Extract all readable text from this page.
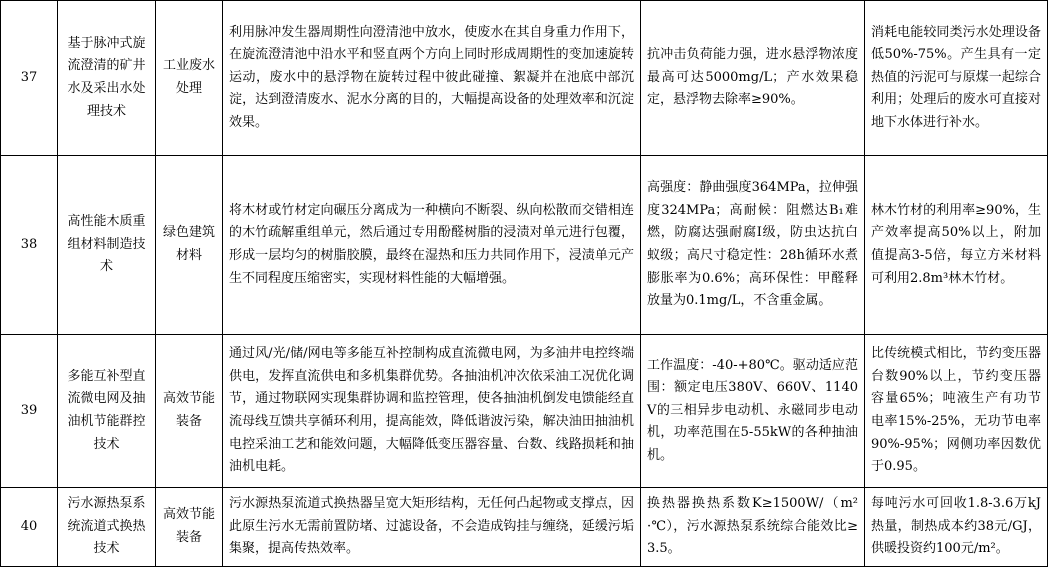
37	基于脉冲式旋流澄清的矿井水及采出水处理技术	工业废水处理	利用脉冲发生器周期性向澄清池中放水，使废水在其自身重力作用下，在旋流澄清池中沿水平和竖直两个方向上同时形成周期性的变加速旋转运动，废水中的悬浮物在旋转过程中彼此碰撞、絮凝并在池底中部沉淀，达到澄清废水、泥水分离的目的，大幅提高设备的处理效率和沉淀效果。	抗冲击负荷能力强，进水悬浮物浓度最高可达5000mg/L；产水效果稳定，悬浮物去除率≥90%。	消耗电能较同类污水处理设备低50%-75%。产生具有一定热值的污泥可与原煤一起综合利用；处理后的废水可直接对地下水体进行补水。
38	高性能木质重组材料制造技术	绿色建筑材料	将木材或竹材定向碾压分离成为一种横向不断裂、纵向松散而交错相连的木竹疏解重组单元，然后通过专用酚醛树脂的浸渍对单元进行包覆，形成一层均匀的树脂胶膜，最终在湿热和压力共同作用下，浸渍单元产生不同程度压缩密实，实现材料性能的大幅增强。	高强度：静曲强度364MPa，拉伸强度324MPa；高耐候：阻燃达B₁难燃，防腐达强耐腐I级，防虫达抗白蚁级；高尺寸稳定性：28h循环水煮膨胀率为0.6%；高环保性：甲醛释放量为0.1mg/L，不含重金属。	林木竹材的利用率≥90%，生产效率提高50%以上，附加值提高3-5倍，每立方米材料可利用2.8m³林木竹材。
39	多能互补型直流微电网及抽油机节能群控技术	高效节能装备	通过风/光/储/网电等多能互补控制构成直流微电网，为多油井电控终端供电，发挥直流供电和多机集群优势。各抽油机冲次依采油工况优化调节，通过物联网实现集群协调和监控管理，使各抽油机倒发电馈能经直流母线互馈共享循环利用，提高能效，降低谐波污染，解决油田抽油机电控采油工艺和能效问题，大幅降低变压器容量、台数、线路损耗和抽油机电耗。	工作温度：-40-+80℃。驱动适应范围：额定电压380V、660V、1140V的三相异步电动机、永磁同步电动机，功率范围在5-55kW的各种抽油机。	比传统模式相比，节约变压器台数90%以上，节约变压器容量65%；吨液生产有功节电率15%-25%，无功节电率90%-95%；网侧功率因数优于0.95。
40	污水源热泵系统流道式换热技术	高效节能装备	污水源热泵流道式换热器呈宽大矩形结构，无任何凸起物或支撑点，因此原生污水无需前置防堵、过滤设备，不会造成钩挂与缠绕，延缓污垢集聚，提高传热效率。	换热器换热系数K≥1500W/（m²·℃），污水源热泵系统综合能效比≥3.5。	每吨污水可回收1.8-3.6万kJ热量，制热成本约38元/GJ，供暖投资约100元/m²。
